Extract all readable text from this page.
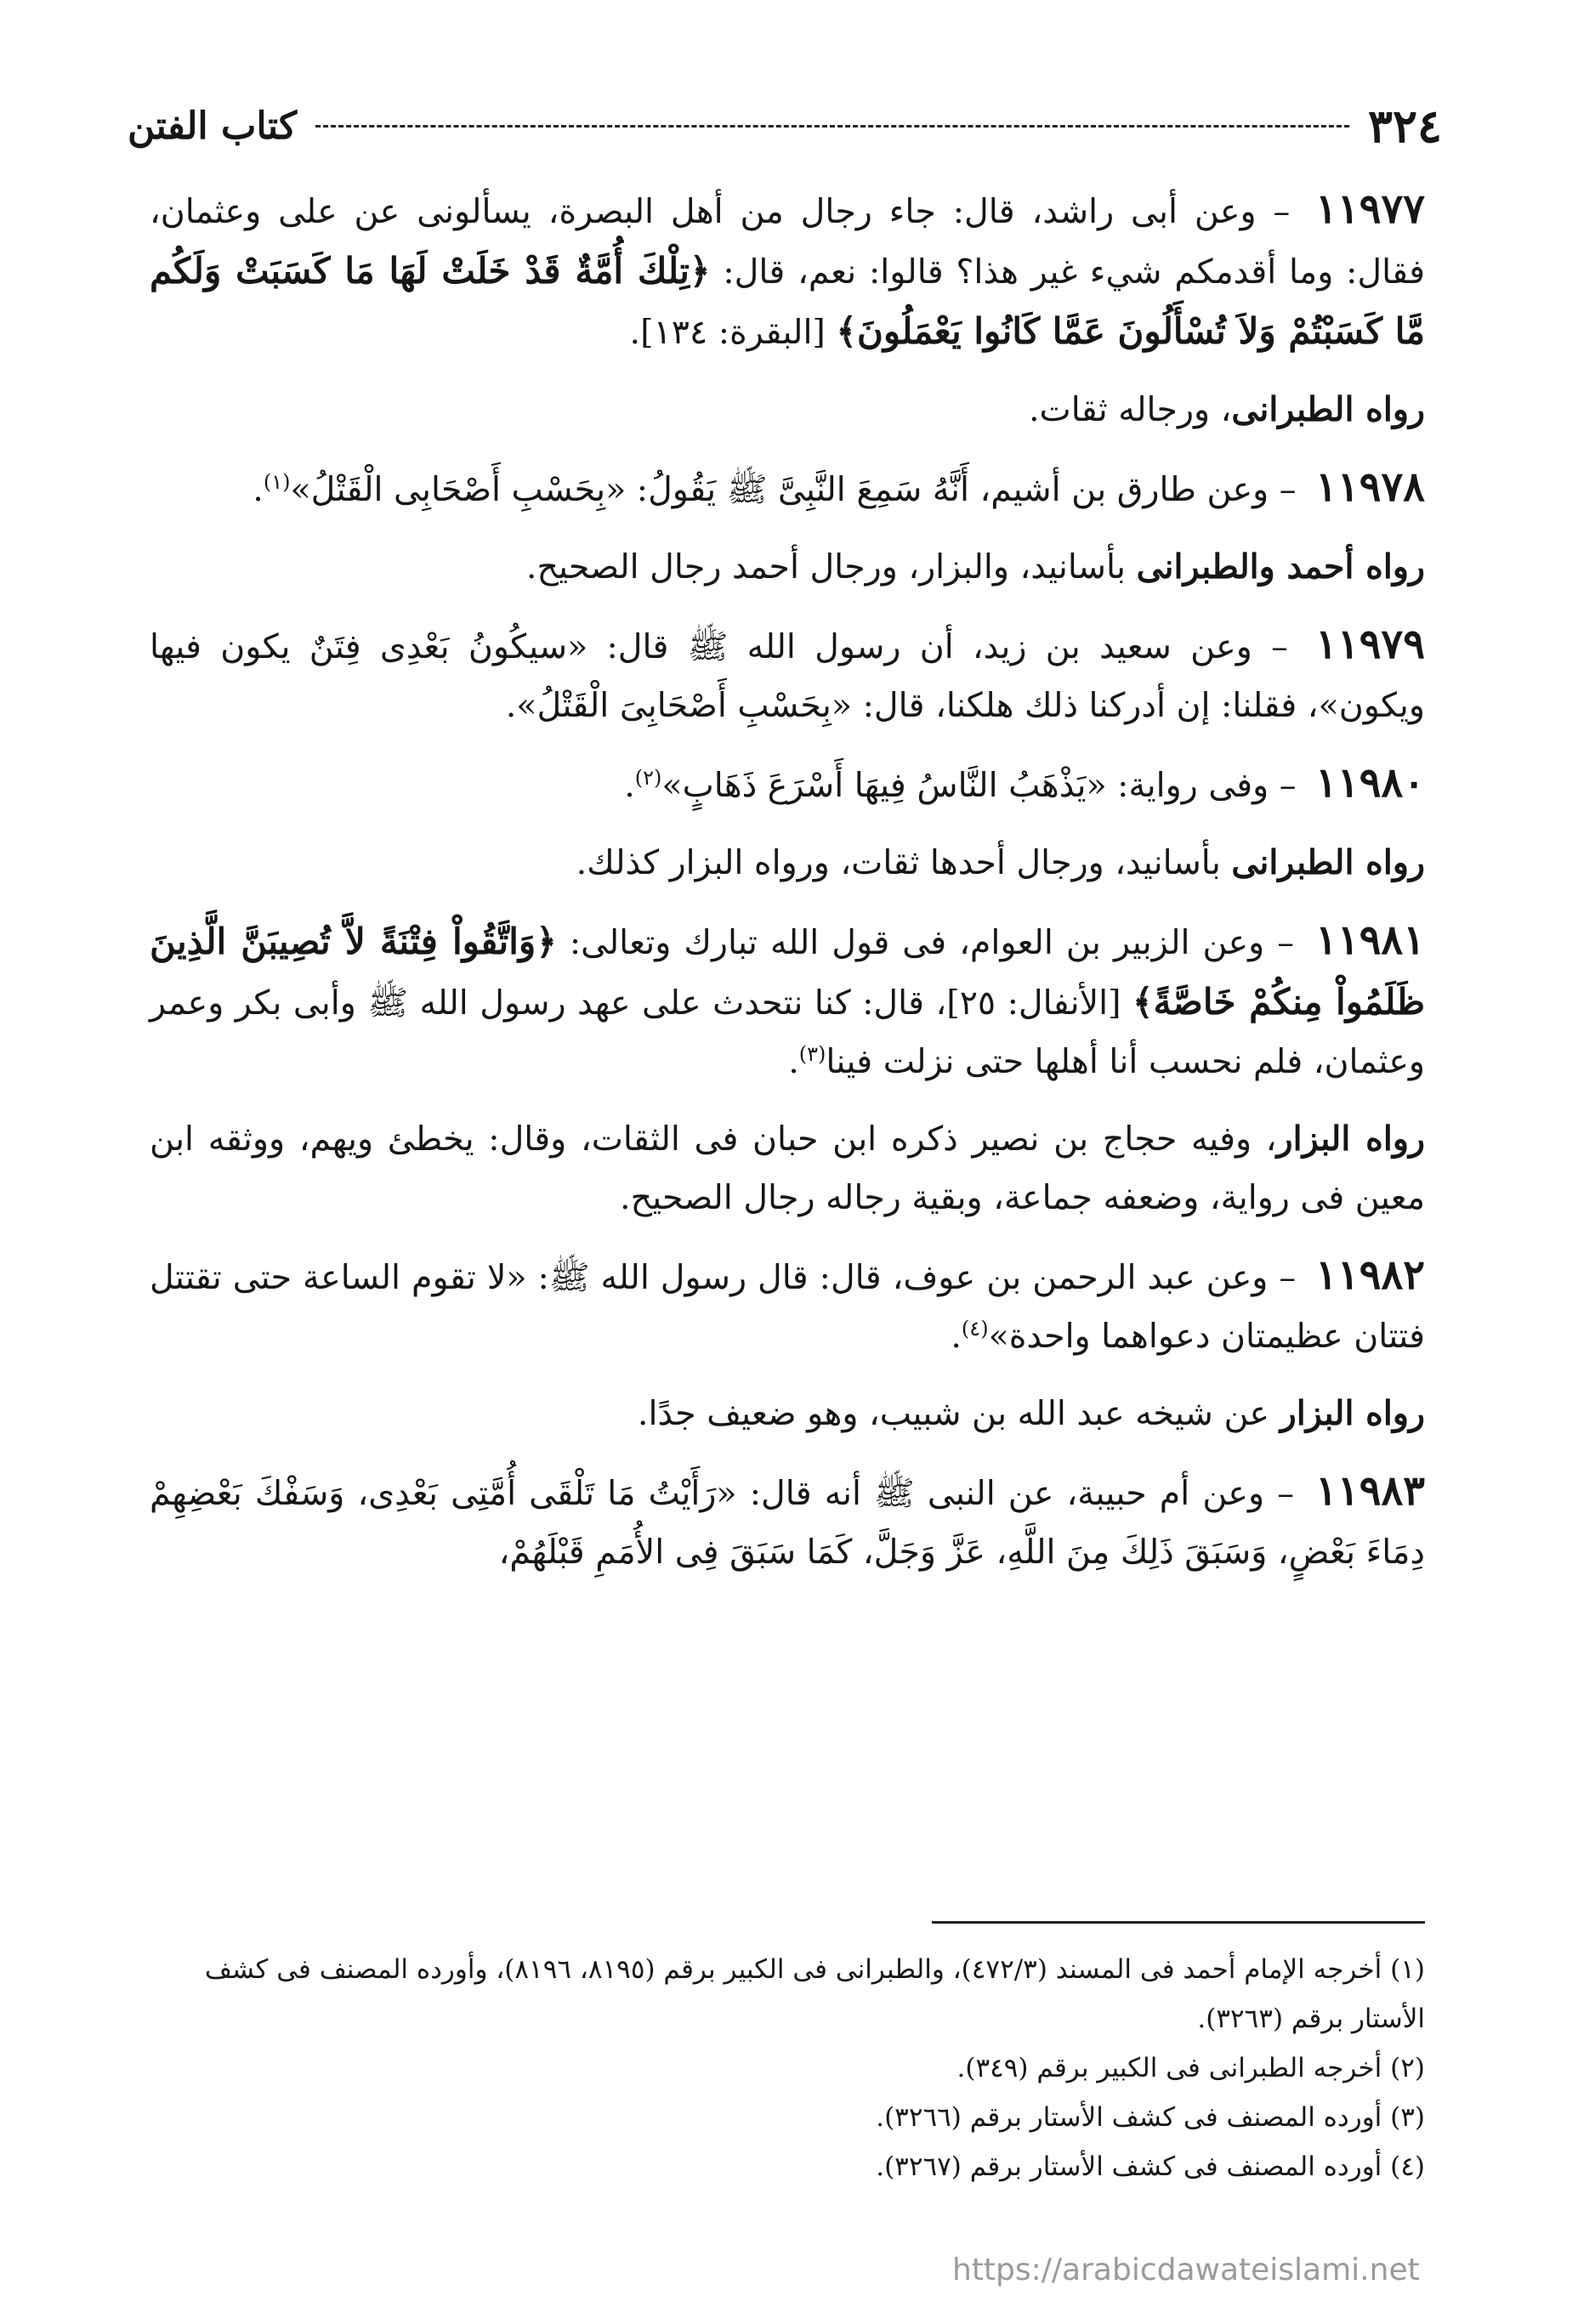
٣٢٤
كتاب الفتن

١١٩٧٧ – وعن أبى راشد، قال: جاء رجال من أهل البصرة، يسألونى عن على وعثمان، فقال: وما أقدمكم شيء غير هذا؟ قالوا: نعم، قال: ﴿تِلْكَ أُمَّةٌ قَدْ خَلَتْ لَهَا مَا كَسَبَتْ وَلَكُم مَّا كَسَبْتُمْ وَلاَ تُسْأَلُونَ عَمَّا كَانُوا يَعْمَلُونَ﴾ [البقرة: ١٣٤].

رواه الطبرانى، ورجاله ثقات.

١١٩٧٨ – وعن طارق بن أشيم، أَنَّهُ سَمِعَ النَّبِىَّ ﷺ يَقُولُ: «بِحَسْبِ أَصْحَابِى الْقَتْلُ»$^{(١)}$.

رواه أحمد والطبرانى بأسانيد، والبزار، ورجال أحمد رجال الصحيح.

١١٩٧٩ – وعن سعيد بن زيد، أن رسول الله ﷺ قال: «سيكُونُ بَعْدِى فِتَنٌ يكون فيها ويكون»، فقلنا: إن أدركنا ذلك هلكنا، قال: «بِحَسْبِ أَصْحَابِىَ الْقَتْلُ».

١١٩٨٠ – وفى رواية: «يَذْهَبُ النَّاسُ فِيهَا أَسْرَعَ ذَهَابٍ»$^{(٢)}$.

رواه الطبرانى بأسانيد، ورجال أحدها ثقات، ورواه البزار كذلك.

١١٩٨١ – وعن الزبير بن العوام، فى قول الله تبارك وتعالى: ﴿وَاتَّقُواْ فِتْنَةً لاَّ تُصِيبَنَّ الَّذِينَ ظَلَمُواْ مِنكُمْ خَاصَّةً﴾ [الأنفال: ٢٥]، قال: كنا نتحدث على عهد رسول الله ﷺ وأبى بكر وعمر وعثمان، فلم نحسب أنا أهلها حتى نزلت فينا$^{(٣)}$.

رواه البزار، وفيه حجاج بن نصير ذكره ابن حبان فى الثقات، وقال: يخطئ ويهم، ووثقه ابن معين فى رواية، وضعفه جماعة، وبقية رجاله رجال الصحيح.

١١٩٨٢ – وعن عبد الرحمن بن عوف، قال: قال رسول الله ﷺ: «لا تقوم الساعة حتى تقتتل فتتان عظيمتان دعواهما واحدة»$^{(٤)}$.

رواه البزار عن شيخه عبد الله بن شبيب، وهو ضعيف جدًا.

١١٩٨٣ – وعن أم حبيبة، عن النبى ﷺ أنه قال: «رَأَيْتُ مَا تَلْقَى أُمَّتِى بَعْدِى، وَسَفْكَ بَعْضِهِمْ دِمَاءَ بَعْضٍ، وَسَبَقَ ذَلِكَ مِنَ اللَّهِ، عَزَّ وَجَلَّ، كَمَا سَبَقَ فِى الأُمَمِ قَبْلَهُمْ،

(١) أخرجه الإمام أحمد فى المسند (٤٧٢/٣)، والطبرانى فى الكبير برقم (٨١٩٥، ٨١٩٦)، وأورده المصنف فى كشف الأستار برقم (٣٢٦٣).

(٢) أخرجه الطبرانى فى الكبير برقم (٣٤٩).

(٣) أورده المصنف فى كشف الأستار برقم (٣٢٦٦).

(٤) أورده المصنف فى كشف الأستار برقم (٣٢٦٧).

https://arabicdawateislami.net
